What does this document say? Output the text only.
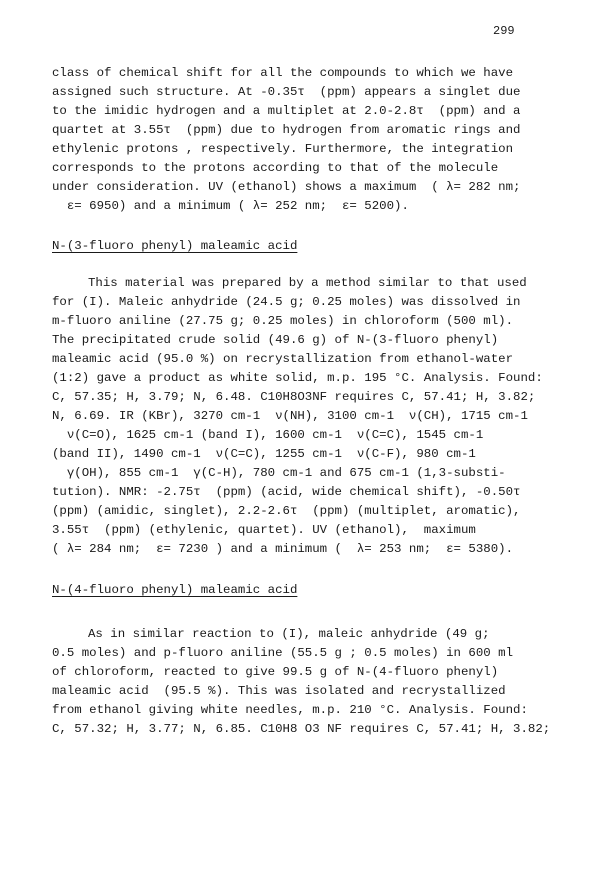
299
class of chemical shift for all the compounds to which we have
assigned such structure. At -0.35τ  (ppm) appears a singlet due
to the imidic hydrogen and a multiplet at 2.0-2.8τ  (ppm) and a
quartet at 3.55τ  (ppm) due to hydrogen from aromatic rings and
ethylenic protons , respectively. Furthermore, the integration
corresponds to the protons according to that of the molecule
under consideration. UV (ethanol) shows a maximum  ( λ= 282 nm;
ε= 6950) and a minimum ( λ= 252 nm;  ε= 5200).
N-(3-fluoro phenyl) maleamic acid
This material was prepared by a method similar to that used
for (I). Maleic anhydride (24.5 g; 0.25 moles) was dissolved in
m-fluoro aniline (27.75 g; 0.25 moles) in chloroform (500 ml).
The precipitated crude solid (49.6 g) of N-(3-fluoro phenyl)
maleamic acid (95.0 %) on recrystallization from ethanol-water
(1:2) gave a product as white solid, m.p. 195 °C. Analysis. Found:
C, 57.35; H, 3.79; N, 6.48. C10H8O3NF requires C, 57.41; H, 3.82;
N, 6.69. IR (KBr), 3270 cm-1  ν(NH), 3100 cm-1  ν(CH), 1715 cm-1
ν(C=O), 1625 cm-1 (band I), 1600 cm-1  ν(C=C), 1545 cm-1
(band II), 1490 cm-1  ν(C=C), 1255 cm-1  ν(C-F), 980 cm-1
γ(OH), 855 cm-1  γ(C-H), 780 cm-1 and 675 cm-1 (1,3-substi-
tution). NMR: -2.75τ  (ppm) (acid, wide chemical shift), -0.50τ
(ppm) (amidic, singlet), 2.2-2.6τ  (ppm) (multiplet, aromatic),
3.55τ  (ppm) (ethylenic, quartet). UV (ethanol),  maximum
( λ= 284 nm;  ε= 7230 ) and a minimum (  λ= 253 nm;  ε= 5380).
N-(4-fluoro phenyl) maleamic acid
As in similar reaction to (I), maleic anhydride (49 g;
0.5 moles) and p-fluoro aniline (55.5 g ; 0.5 moles) in 600 ml
of chloroform, reacted to give 99.5 g of N-(4-fluoro phenyl)
maleamic acid  (95.5 %). This was isolated and recrystallized
from ethanol giving white needles, m.p. 210 °C. Analysis. Found:
C, 57.32; H, 3.77; N, 6.85. C10H8 O3 NF requires C, 57.41; H, 3.82;
